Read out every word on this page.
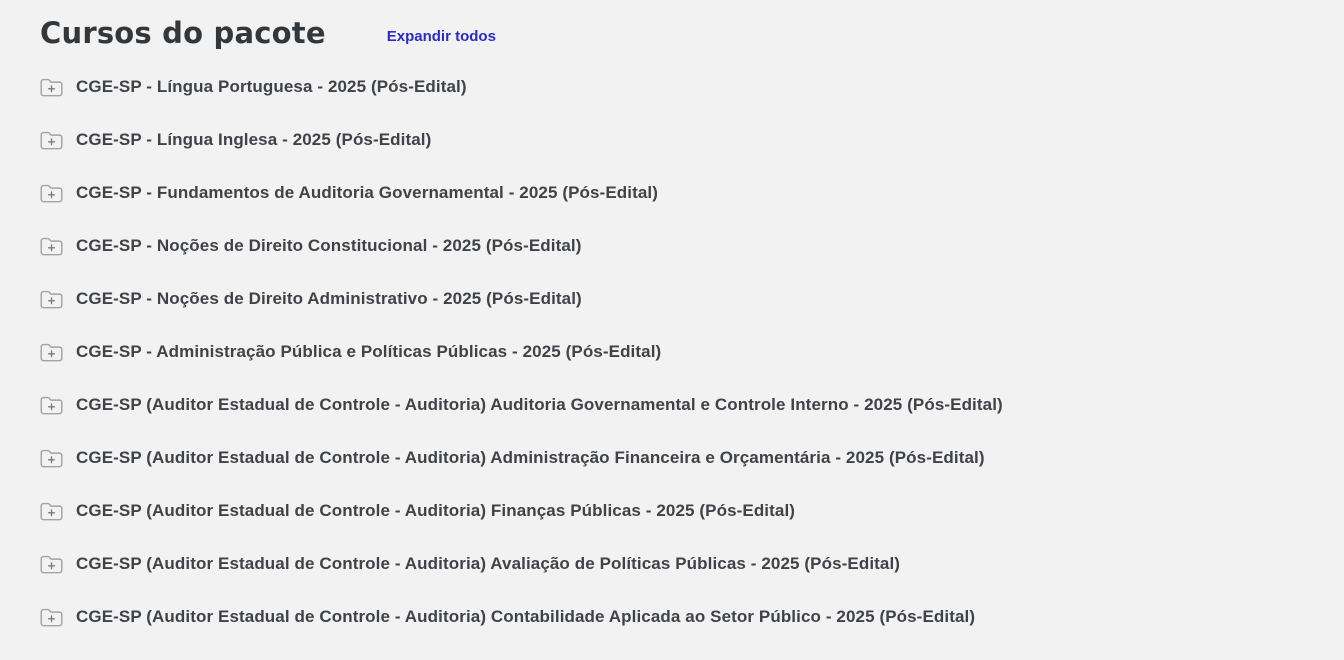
Cursos do pacote	Expandir todos
CGE-SP - Língua Portuguesa - 2025 (Pós-Edital)
CGE-SP - Língua Inglesa - 2025 (Pós-Edital)
CGE-SP - Fundamentos de Auditoria Governamental - 2025 (Pós-Edital)
CGE-SP - Noções de Direito Constitucional - 2025 (Pós-Edital)
CGE-SP - Noções de Direito Administrativo - 2025 (Pós-Edital)
CGE-SP - Administração Pública e Políticas Públicas - 2025 (Pós-Edital)
CGE-SP (Auditor Estadual de Controle - Auditoria) Auditoria Governamental e Controle Interno - 2025 (Pós-Edital)
CGE-SP (Auditor Estadual de Controle - Auditoria) Administração Financeira e Orçamentária - 2025 (Pós-Edital)
CGE-SP (Auditor Estadual de Controle - Auditoria) Finanças Públicas - 2025 (Pós-Edital)
CGE-SP (Auditor Estadual de Controle - Auditoria) Avaliação de Políticas Públicas - 2025 (Pós-Edital)
CGE-SP (Auditor Estadual de Controle - Auditoria) Contabilidade Aplicada ao Setor Público - 2025 (Pós-Edital)
